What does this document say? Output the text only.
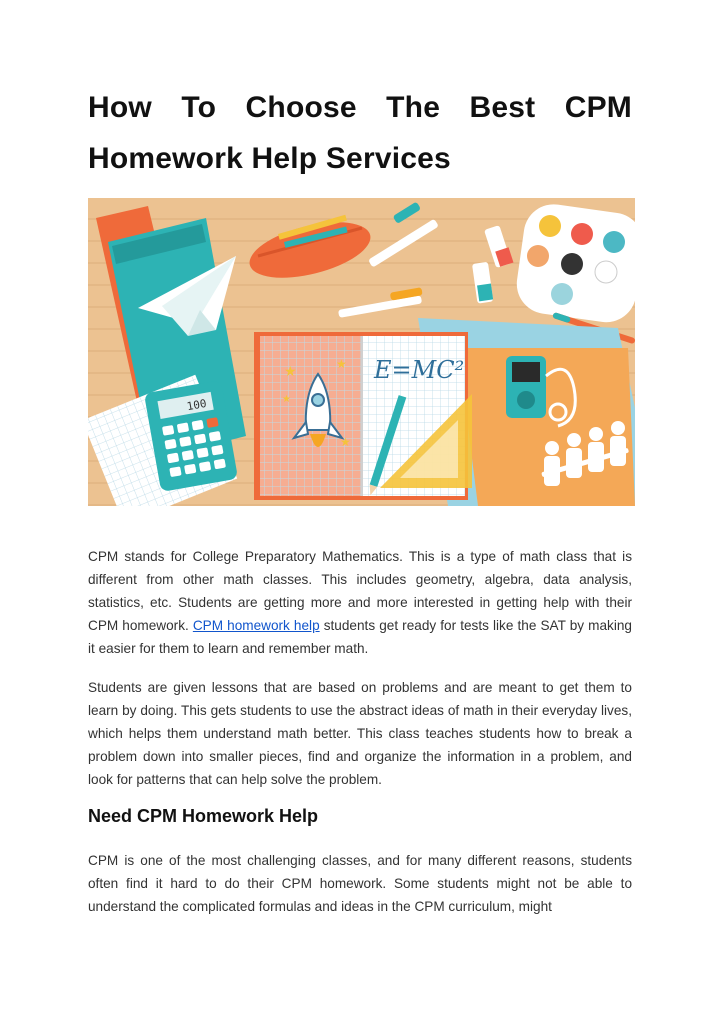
How To Choose The Best CPM
Homework Help Services
★	★
★
★
E=MC²
100

CPM stands for College Preparatory Mathematics. This is a type of math class that is different from other math classes. This includes geometry, algebra, data analysis, statistics, etc. Students are getting more and more interested in getting help with their CPM homework. CPM homework help students get ready for tests like the SAT by making it easier for them to learn and remember math.

Students are given lessons that are based on problems and are meant to get them to learn by doing. This gets students to use the abstract ideas of math in their everyday lives, which helps them understand math better. This class teaches students how to break a problem down into smaller pieces, find and organize the information in a problem, and look for patterns that can help solve the problem.

Need CPM Homework Help

CPM is one of the most challenging classes, and for many different reasons, students often find it hard to do their CPM homework. Some students might not be able to understand the complicated formulas and ideas in the CPM curriculum, might
